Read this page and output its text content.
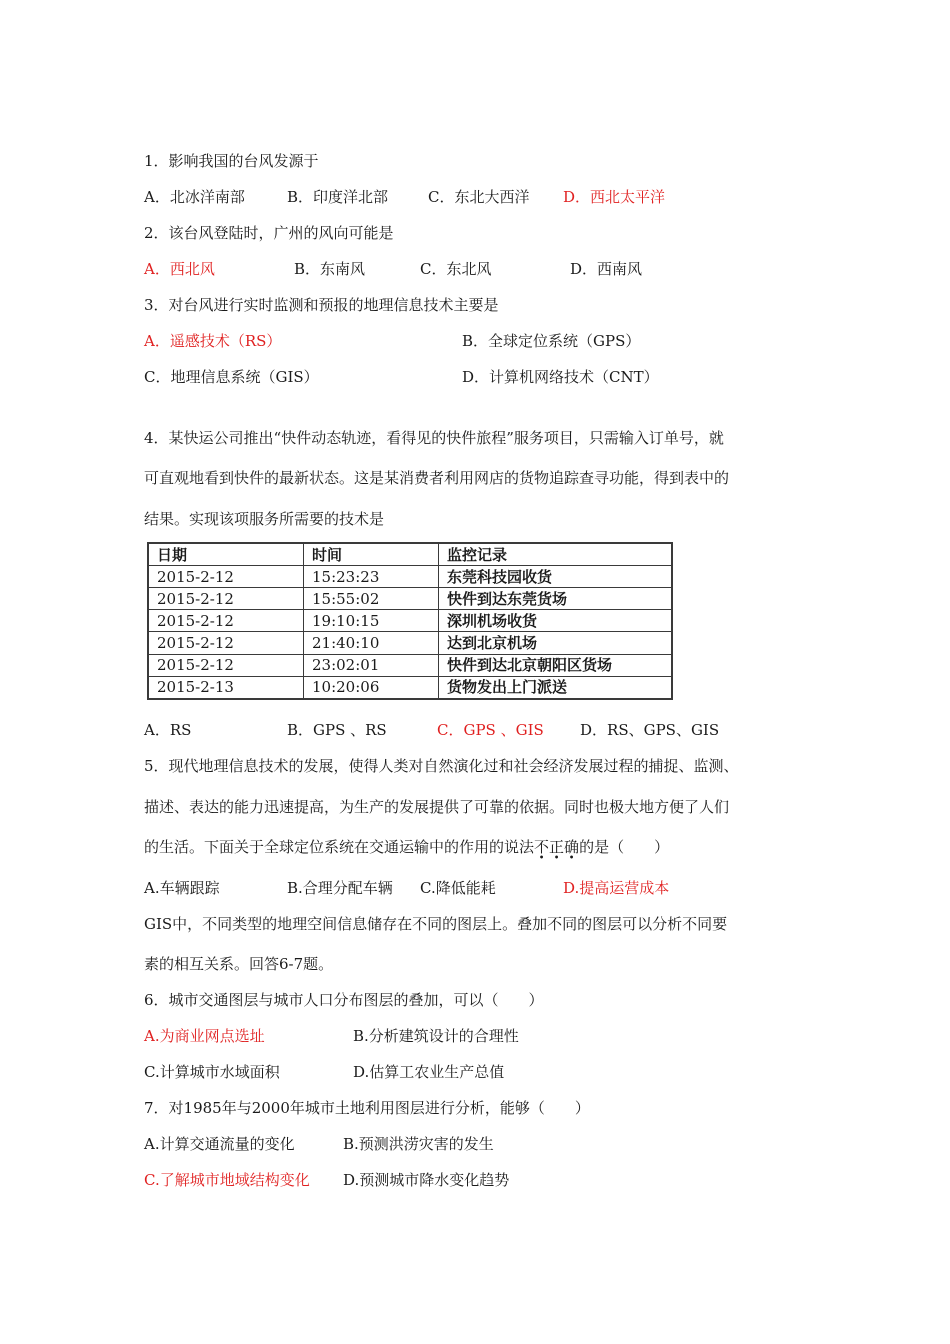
1．影响我国的台风发源于
A．北冰洋南部	B．印度洋北部	C．东北大西洋 D．西北太平洋
2．该台风登陆时，广州的风向可能是
A．西北风	B．东南风	C．东北风	D．西南风
3．对台风进行实时监测和预报的地理信息技术主要是
A．遥感技术（RS）	B．全球定位系统（GPS）
C．地理信息系统（GIS）	D．计算机网络技术（CNT）
4．某快运公司推出“快件动态轨迹，看得见的快件旅程”服务项目，只需输入订单号，就
可直观地看到快件的最新状态。这是某消费者利用网店的货物追踪查寻功能，得到表中的
结果。实现该项服务所需要的技术是
日期	时间	监控记录
2015-2-12	15:23:23	东莞科技园收货
2015-2-12	15:55:02	快件到达东莞货场
2015-2-12	19:10:15	深圳机场收货
2015-2-12	21:40:10	达到北京机场
2015-2-12	23:02:01	快件到达北京朝阳区货场
2015-2-13	10:20:06	货物发出上门派送
A．RS	B．GPS 、RS	C．GPS 、GIS D．RS、GPS、GIS
5．现代地理信息技术的发展，使得人类对自然演化过和社会经济发展过程的捕捉、监测、
描述、表达的能力迅速提高，为生产的发展提供了可靠的依据。同时也极大地方便了人们
的生活。下面关于全球定位系统在交通运输中的作用的说法不
•
正
•
确
•
的是（　　）
A.车辆跟踪	B.合理分配车辆 C.降低能耗	D.提高运营成本
GIS中，不同类型的地理空间信息储存在不同的图层上。叠加不同的图层可以分析不同要
素的相互关系。回答6-7题。
6．城市交通图层与城市人口分布图层的叠加，可以（　　）
A.为商业网点选址	B.分析建筑设计的合理性
C.计算城市水域面积	D.估算工农业生产总值
7．对1985年与2000年城市土地利用图层进行分析，能够（　　）
A.计算交通流量的变化	B.预测洪涝灾害的发生
C.了解城市地域结构变化 D.预测城市降水变化趋势
